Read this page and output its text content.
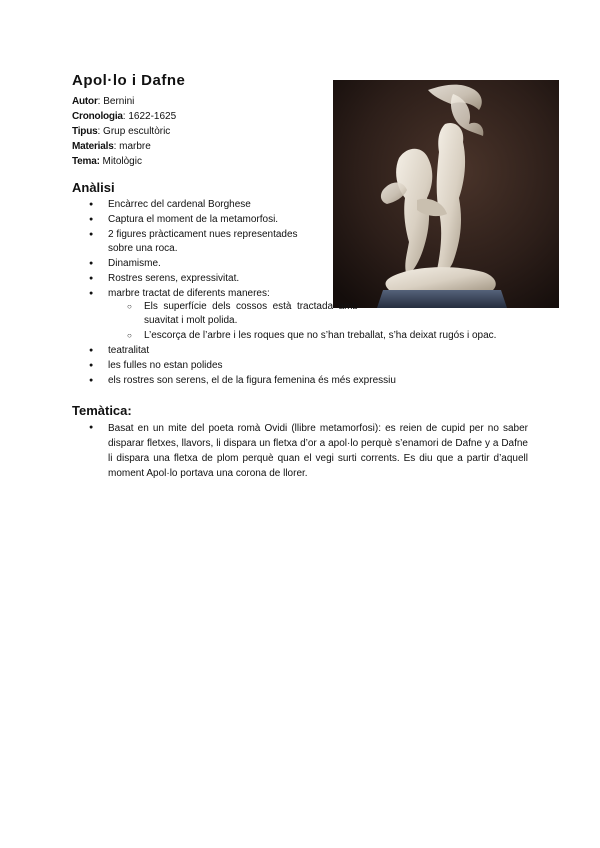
Apol·lo i Dafne
Autor: Bernini
Cronologia: 1622-1625
Tipus: Grup escultòric
Materials: marbre
Tema: Mitològic
Anàlisi
● Encàrrec del cardenal Borghese
● Captura el moment de la metamorfosi.
● 2 figures pràcticament nues representades sobre una roca.
● Dinamisme.
● Rostres serens, expressivitat.
● marbre tractat de diferents maneres:
○ Els superfície dels cossos està tractada amb suavitat i molt polida.
○ L’escorça de l’arbre i les roques que no s’han treballat, s’ha deixat rugós i opac.
● teatralitat
● les fulles no estan polides
● els rostres son serens, el de la figura femenina és més expressiu
Temàtica:
● Basat en un mite del poeta romà Ovidi (llibre metamorfosi): es reien de cupid per no saber disparar fletxes, llavors, li dispara un fletxa d’or a apol·lo perquè s’enamori de Dafne y a Dafne li dispara una fletxa de plom perquè quan el vegi surti corrents. Es diu que a partir d’aquell moment Apol·lo portava una corona de llorer.
